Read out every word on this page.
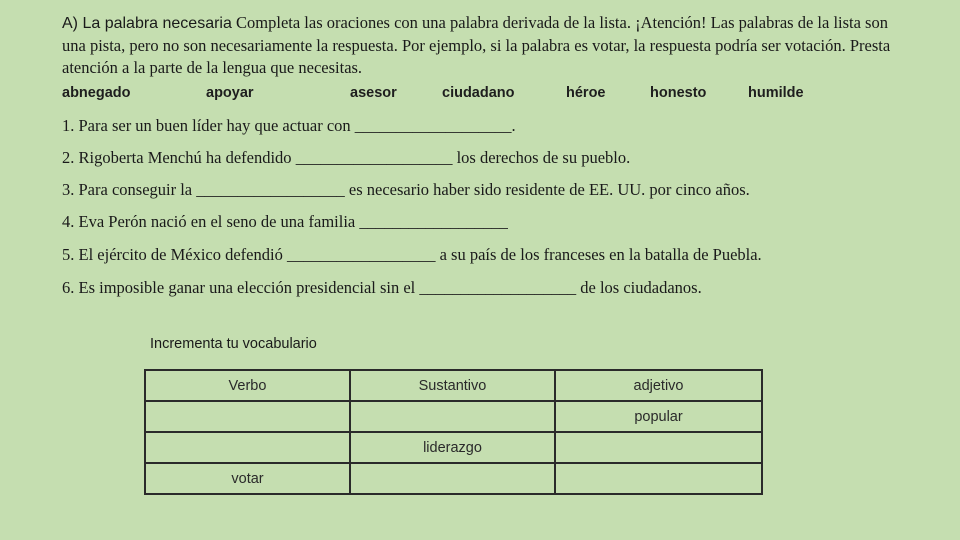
A) La palabra necesaria Completa las oraciones con una palabra derivada de la lista. ¡Atención! Las palabras de la lista son una pista, pero no son necesariamente la respuesta. Por ejemplo, si la palabra es votar, la respuesta podría ser votación. Presta atención a la parte de la lengua que necesitas.
abnegado	apoyar	asesor	ciudadano	héroe	honesto	humilde
1. Para ser un buen líder hay que actuar con ___________________.
2. Rigoberta Menchú ha defendido ___________________ los derechos de su pueblo.
3. Para conseguir la __________________ es necesario haber sido residente de EE. UU. por cinco años.
4. Eva Perón nació en el seno de una familia __________________
5. El ejército de México defendió __________________ a su país de los franceses en la batalla de Puebla.
6. Es imposible ganar una elección presidencial sin el ___________________ de los ciudadanos.
Incrementa tu vocabulario
Verbo	Sustantivo	adjetivo
		popular
	liderazgo	
votar		
